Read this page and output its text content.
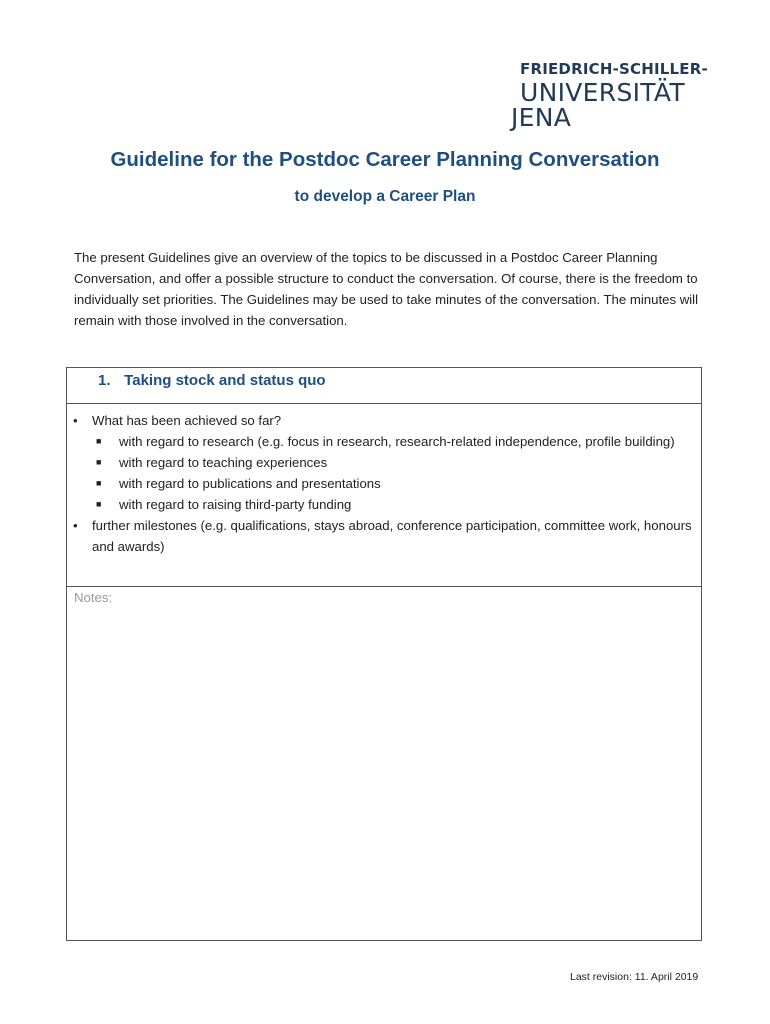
FRIEDRICH-SCHILLER-
UNIVERSITÄT
JENA
Guideline for the Postdoc Career Planning Conversation
to develop a Career Plan
The present Guidelines give an overview of the topics to be discussed in a Postdoc Career Planning Conversation, and offer a possible structure to conduct the conversation. Of course, there is the freedom to individually set priorities. The Guidelines may be used to take minutes of the conversation. The minutes will remain with those involved in the conversation.
1. Taking stock and status quo
• What has been achieved so far?
■ with regard to research (e.g. focus in research, research-related independence, profile building)
■ with regard to teaching experiences
■ with regard to publications and presentations
■ with regard to raising third-party funding
• further milestones (e.g. qualifications, stays abroad, conference participation, committee work, honours and awards)
Notes:
Last revision: 11. April 2019
